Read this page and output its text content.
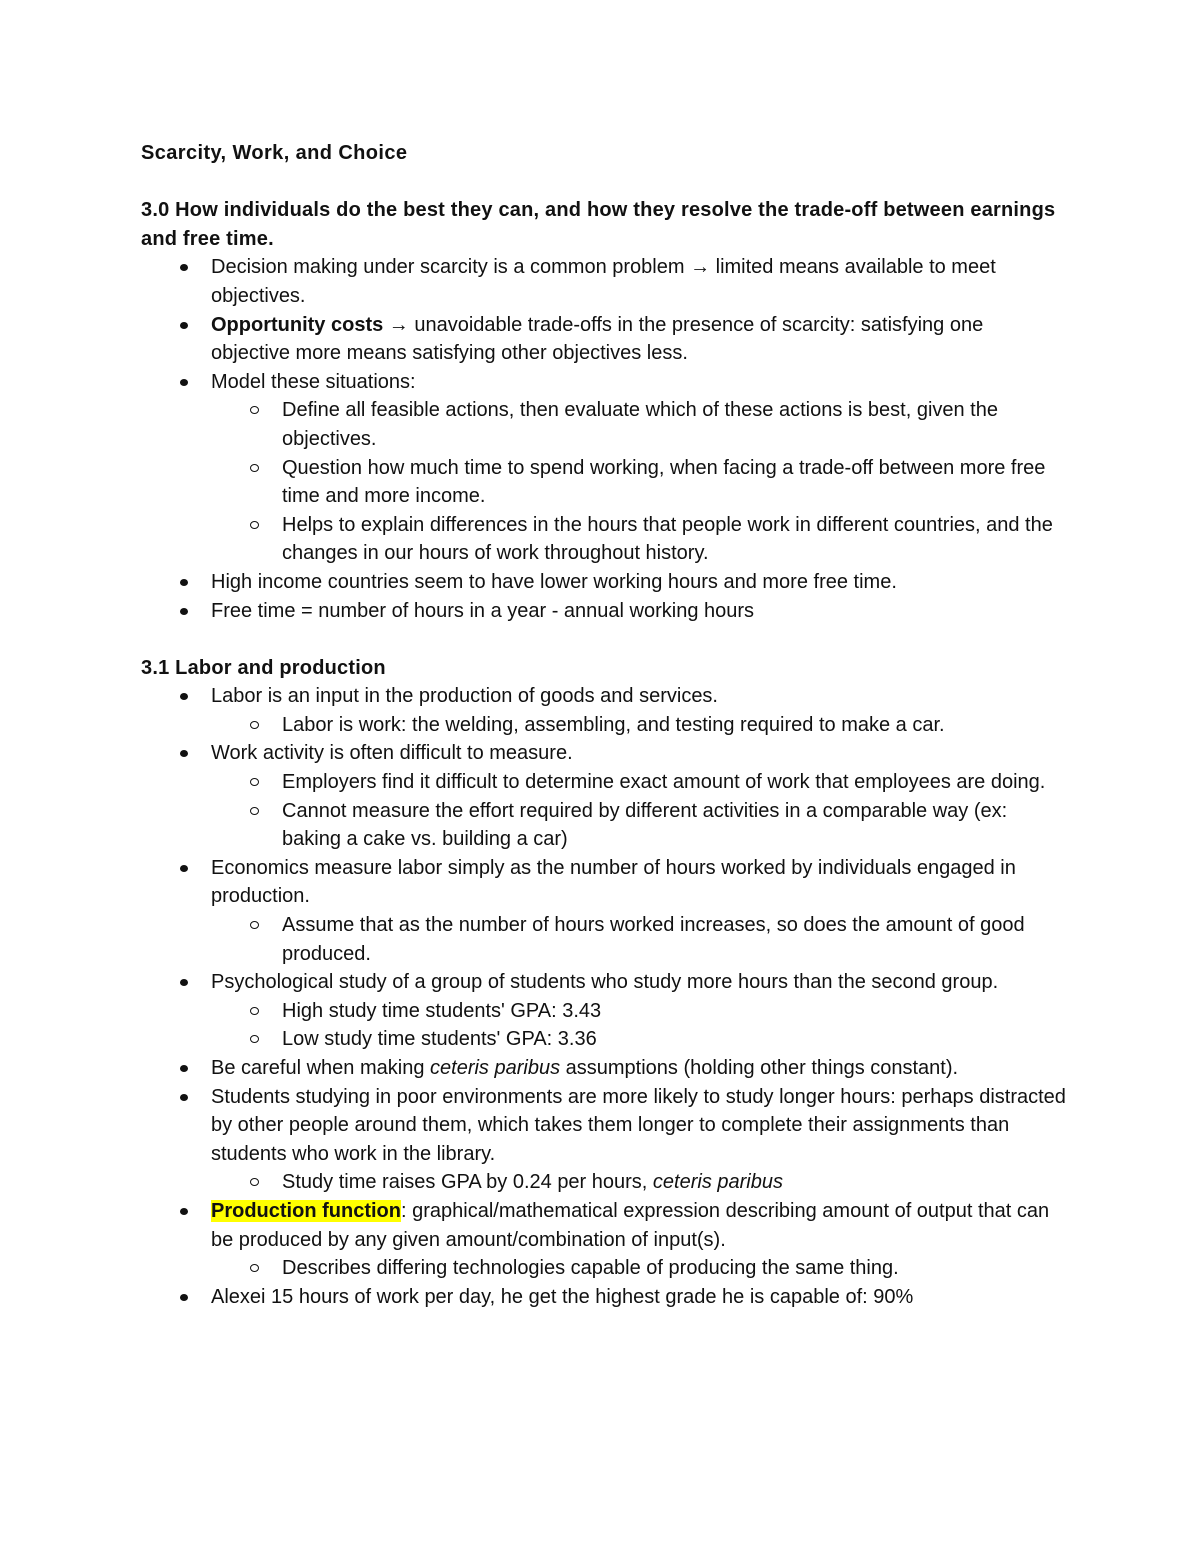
Scarcity, Work, and Choice

3.0 How individuals do the best they can, and how they resolve the trade-off between earnings and free time.

Decision making under scarcity is a common problem → limited means available to meet objectives.
Opportunity costs → unavoidable trade-offs in the presence of scarcity: satisfying one objective more means satisfying other objectives less.
Model these situations:
Define all feasible actions, then evaluate which of these actions is best, given the objectives.
Question how much time to spend working, when facing a trade-off between more free time and more income.
Helps to explain differences in the hours that people work in different countries, and the changes in our hours of work throughout history.
High income countries seem to have lower working hours and more free time.
Free time = number of hours in a year - annual working hours

3.1 Labor and production

Labor is an input in the production of goods and services.
Labor is work: the welding, assembling, and testing required to make a car.
Work activity is often difficult to measure.
Employers find it difficult to determine exact amount of work that employees are doing.
Cannot measure the effort required by different activities in a comparable way (ex: baking a cake vs. building a car)
Economics measure labor simply as the number of hours worked by individuals engaged in production.
Assume that as the number of hours worked increases, so does the amount of good produced.
Psychological study of a group of students who study more hours than the second group.
High study time students' GPA: 3.43
Low study time students' GPA: 3.36
Be careful when making ceteris paribus assumptions (holding other things constant).
Students studying in poor environments are more likely to study longer hours: perhaps distracted by other people around them, which takes them longer to complete their assignments than students who work in the library.
Study time raises GPA by 0.24 per hours, ceteris paribus
Production function: graphical/mathematical expression describing amount of output that can be produced by any given amount/combination of input(s).
Describes differing technologies capable of producing the same thing.
Alexei 15 hours of work per day, he get the highest grade he is capable of: 90%
